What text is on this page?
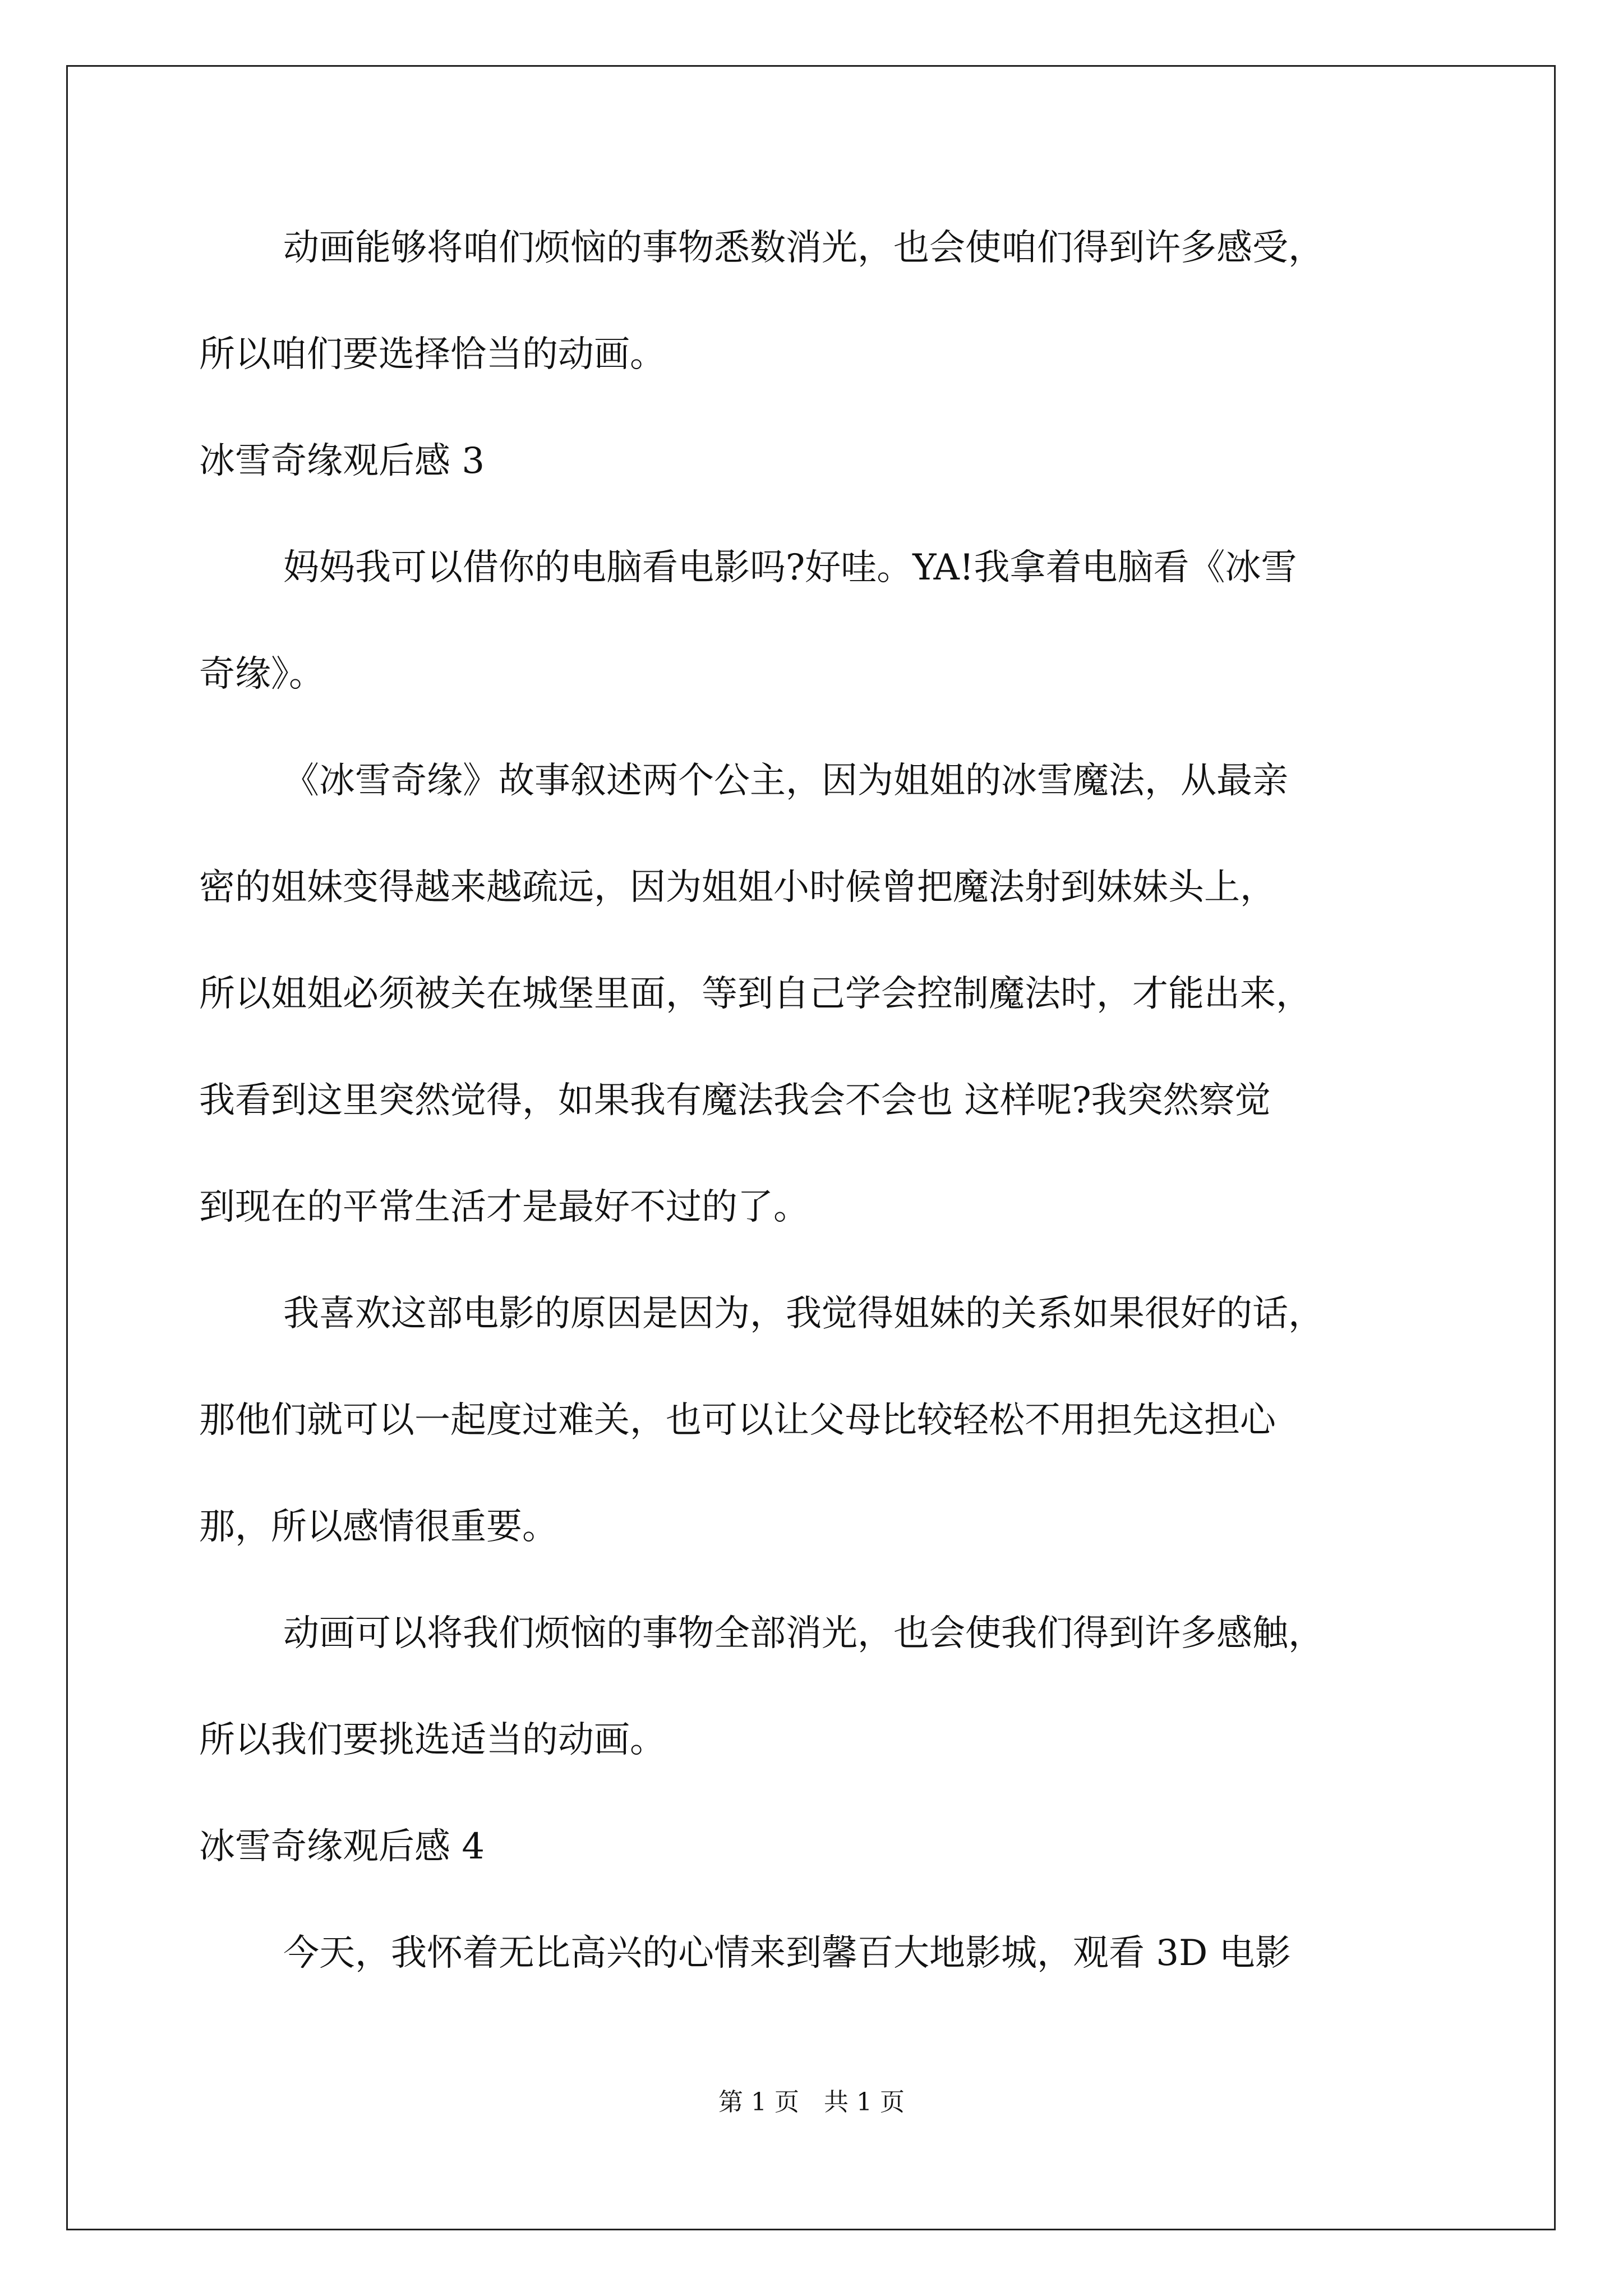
动画能够将咱们烦恼的事物悉数消光，也会使咱们得到许多感受，
所以咱们要选择恰当的动画。
冰雪奇缘观后感 3
妈妈我可以借你的电脑看电影吗?好哇。YA!我拿着电脑看《冰雪
奇缘》。
《冰雪奇缘》故事叙述两个公主，因为姐姐的冰雪魔法，从最亲
密的姐妹变得越来越疏远，因为姐姐小时候曾把魔法射到妹妹头上，
所以姐姐必须被关在城堡里面，等到自己学会控制魔法时，才能出来，
我看到这里突然觉得，如果我有魔法我会不会也 这样呢?我突然察觉
到现在的平常生活才是最好不过的了。
我喜欢这部电影的原因是因为，我觉得姐妹的关系如果很好的话，
那他们就可以一起度过难关，也可以让父母比较轻松不用担先这担心
那，所以感情很重要。
动画可以将我们烦恼的事物全部消光，也会使我们得到许多感触，
所以我们要挑选适当的动画。
冰雪奇缘观后感 4
今天，我怀着无比高兴的心情来到馨百大地影城，观看 3D 电影
第 1 页　共 1 页
